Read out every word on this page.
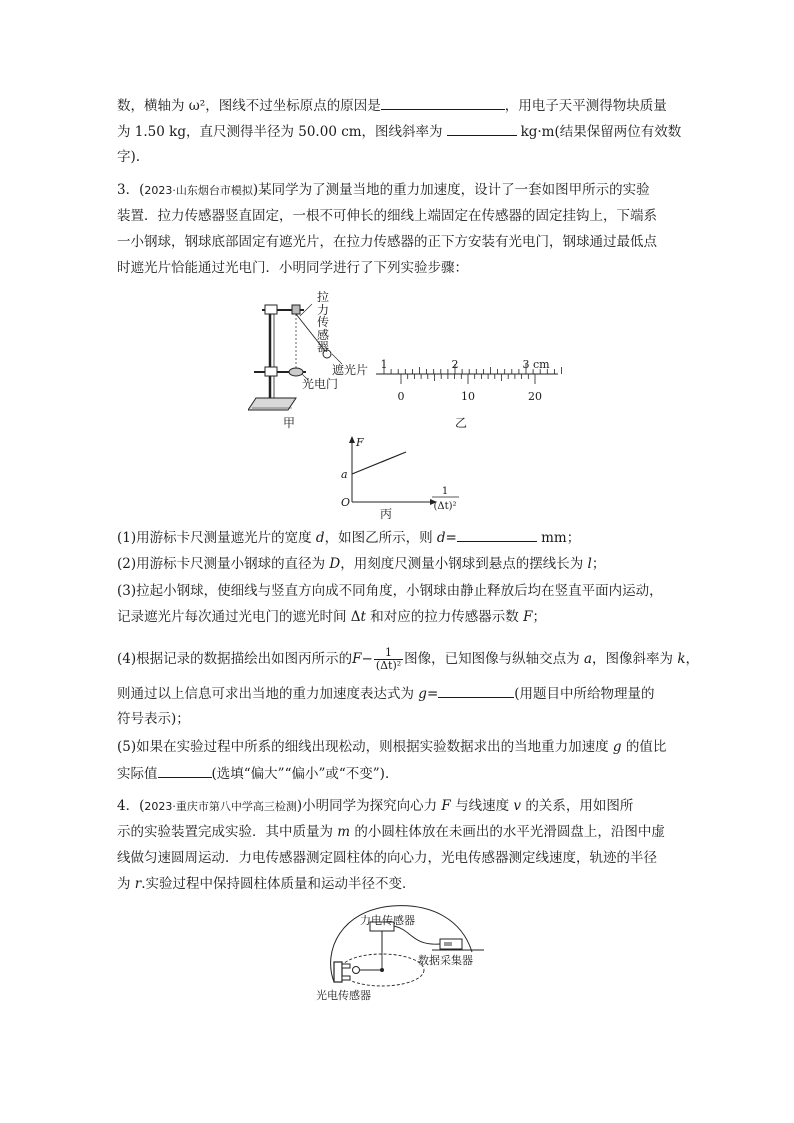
数，横轴为 ω²，图线不过坐标原点的原因是	，用电子天平测得物块质量
为 1.50 kg，直尺测得半径为 50.00 cm，图线斜率为	kg·m(结果保留两位有效数
字).
3．(2023·山东烟台市模拟)某同学为了测量当地的重力加速度，设计了一套如图甲所示的实验
装置．拉力传感器竖直固定，一根不可伸长的细线上端固定在传感器的固定挂钩上，下端系
一小钢球，钢球底部固定有遮光片，在拉力传感器的正下方安装有光电门，钢球通过最低点
时遮光片恰能通过光电门．小明同学进行了下列实验步骤：
拉
力
传
感
器
遮光片
光电门
甲
1	2	3 cm
0	10	20
乙
F
a
O
1
(Δt)²
丙
(1)用游标卡尺测量遮光片的宽度 d，如图乙所示，则 d=	mm；
(2)用游标卡尺测量小钢球的直径为 D，用刻度尺测量小钢球到悬点的摆线长为 l；
(3)拉起小钢球，使细线与竖直方向成不同角度，小钢球由静止释放后均在竖直平面内运动，
记录遮光片每次通过光电门的遮光时间 Δt 和对应的拉力传感器示数 F；
(4)根据记录的数据描绘出如图丙所示的$F- \frac{1}{\text{(Δt)²}}$ 图像，已知图像与纵轴交点为 a，图像斜率为 k，
则通过以上信息可求出当地的重力加速度表达式为 g=	(用题目中所给物理量的
符号表示)；
(5)如果在实验过程中所系的细线出现松动，则根据实验数据求出的当地重力加速度 g 的值比
实际值	(选填“偏大”“偏小”或“不变”)．
4．(2023·重庆市第八中学高三检测)小明同学为探究向心力 F 与线速度 v 的关系，用如图所
示的实验装置完成实验．其中质量为 m 的小圆柱体放在未画出的水平光滑圆盘上，沿图中虚
线做匀速圆周运动．力电传感器测定圆柱体的向心力，光电传感器测定线速度，轨迹的半径
为 r.实验过程中保持圆柱体质量和运动半径不变．
力电传感器
数据采集器
光电传感器
